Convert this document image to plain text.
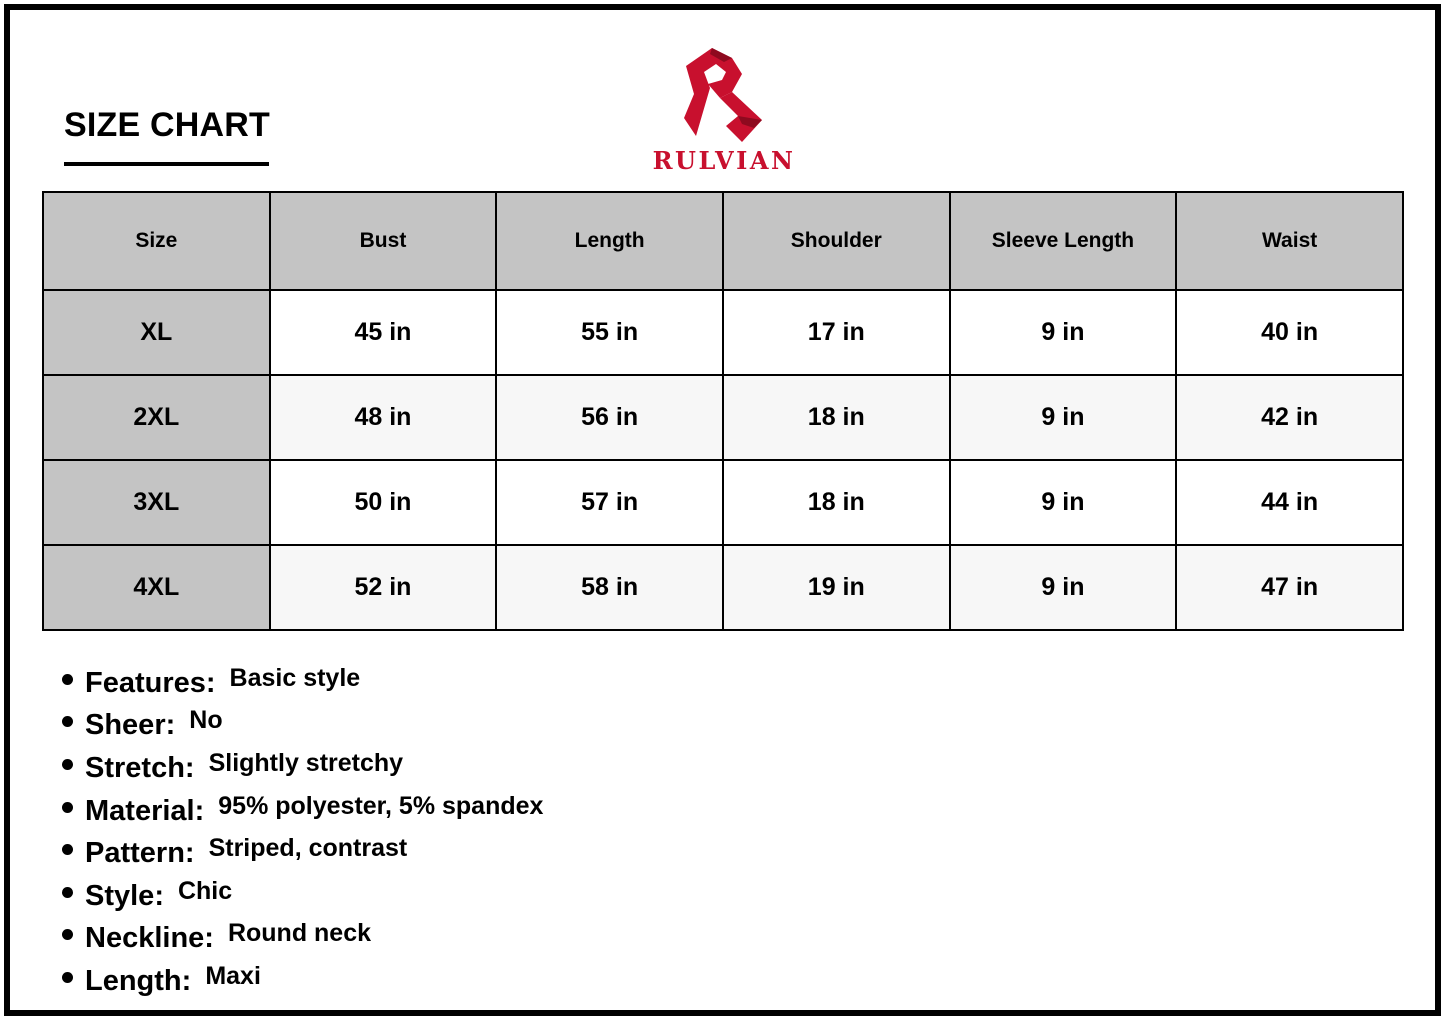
SIZE CHART
RULVIAN
Size	Bust	Length	Shoulder	Sleeve Length	Waist
XL	45 in	55 in	17 in	9 in	40 in
2XL	48 in	56 in	18 in	9 in	42 in
3XL	50 in	57 in	18 in	9 in	44 in
4XL	52 in	58 in	19 in	9 in	47 in
Features: Basic style
Sheer: No
Stretch: Slightly stretchy
Material: 95% polyester, 5% spandex
Pattern: Striped, contrast
Style: Chic
Neckline: Round neck
Length: Maxi
